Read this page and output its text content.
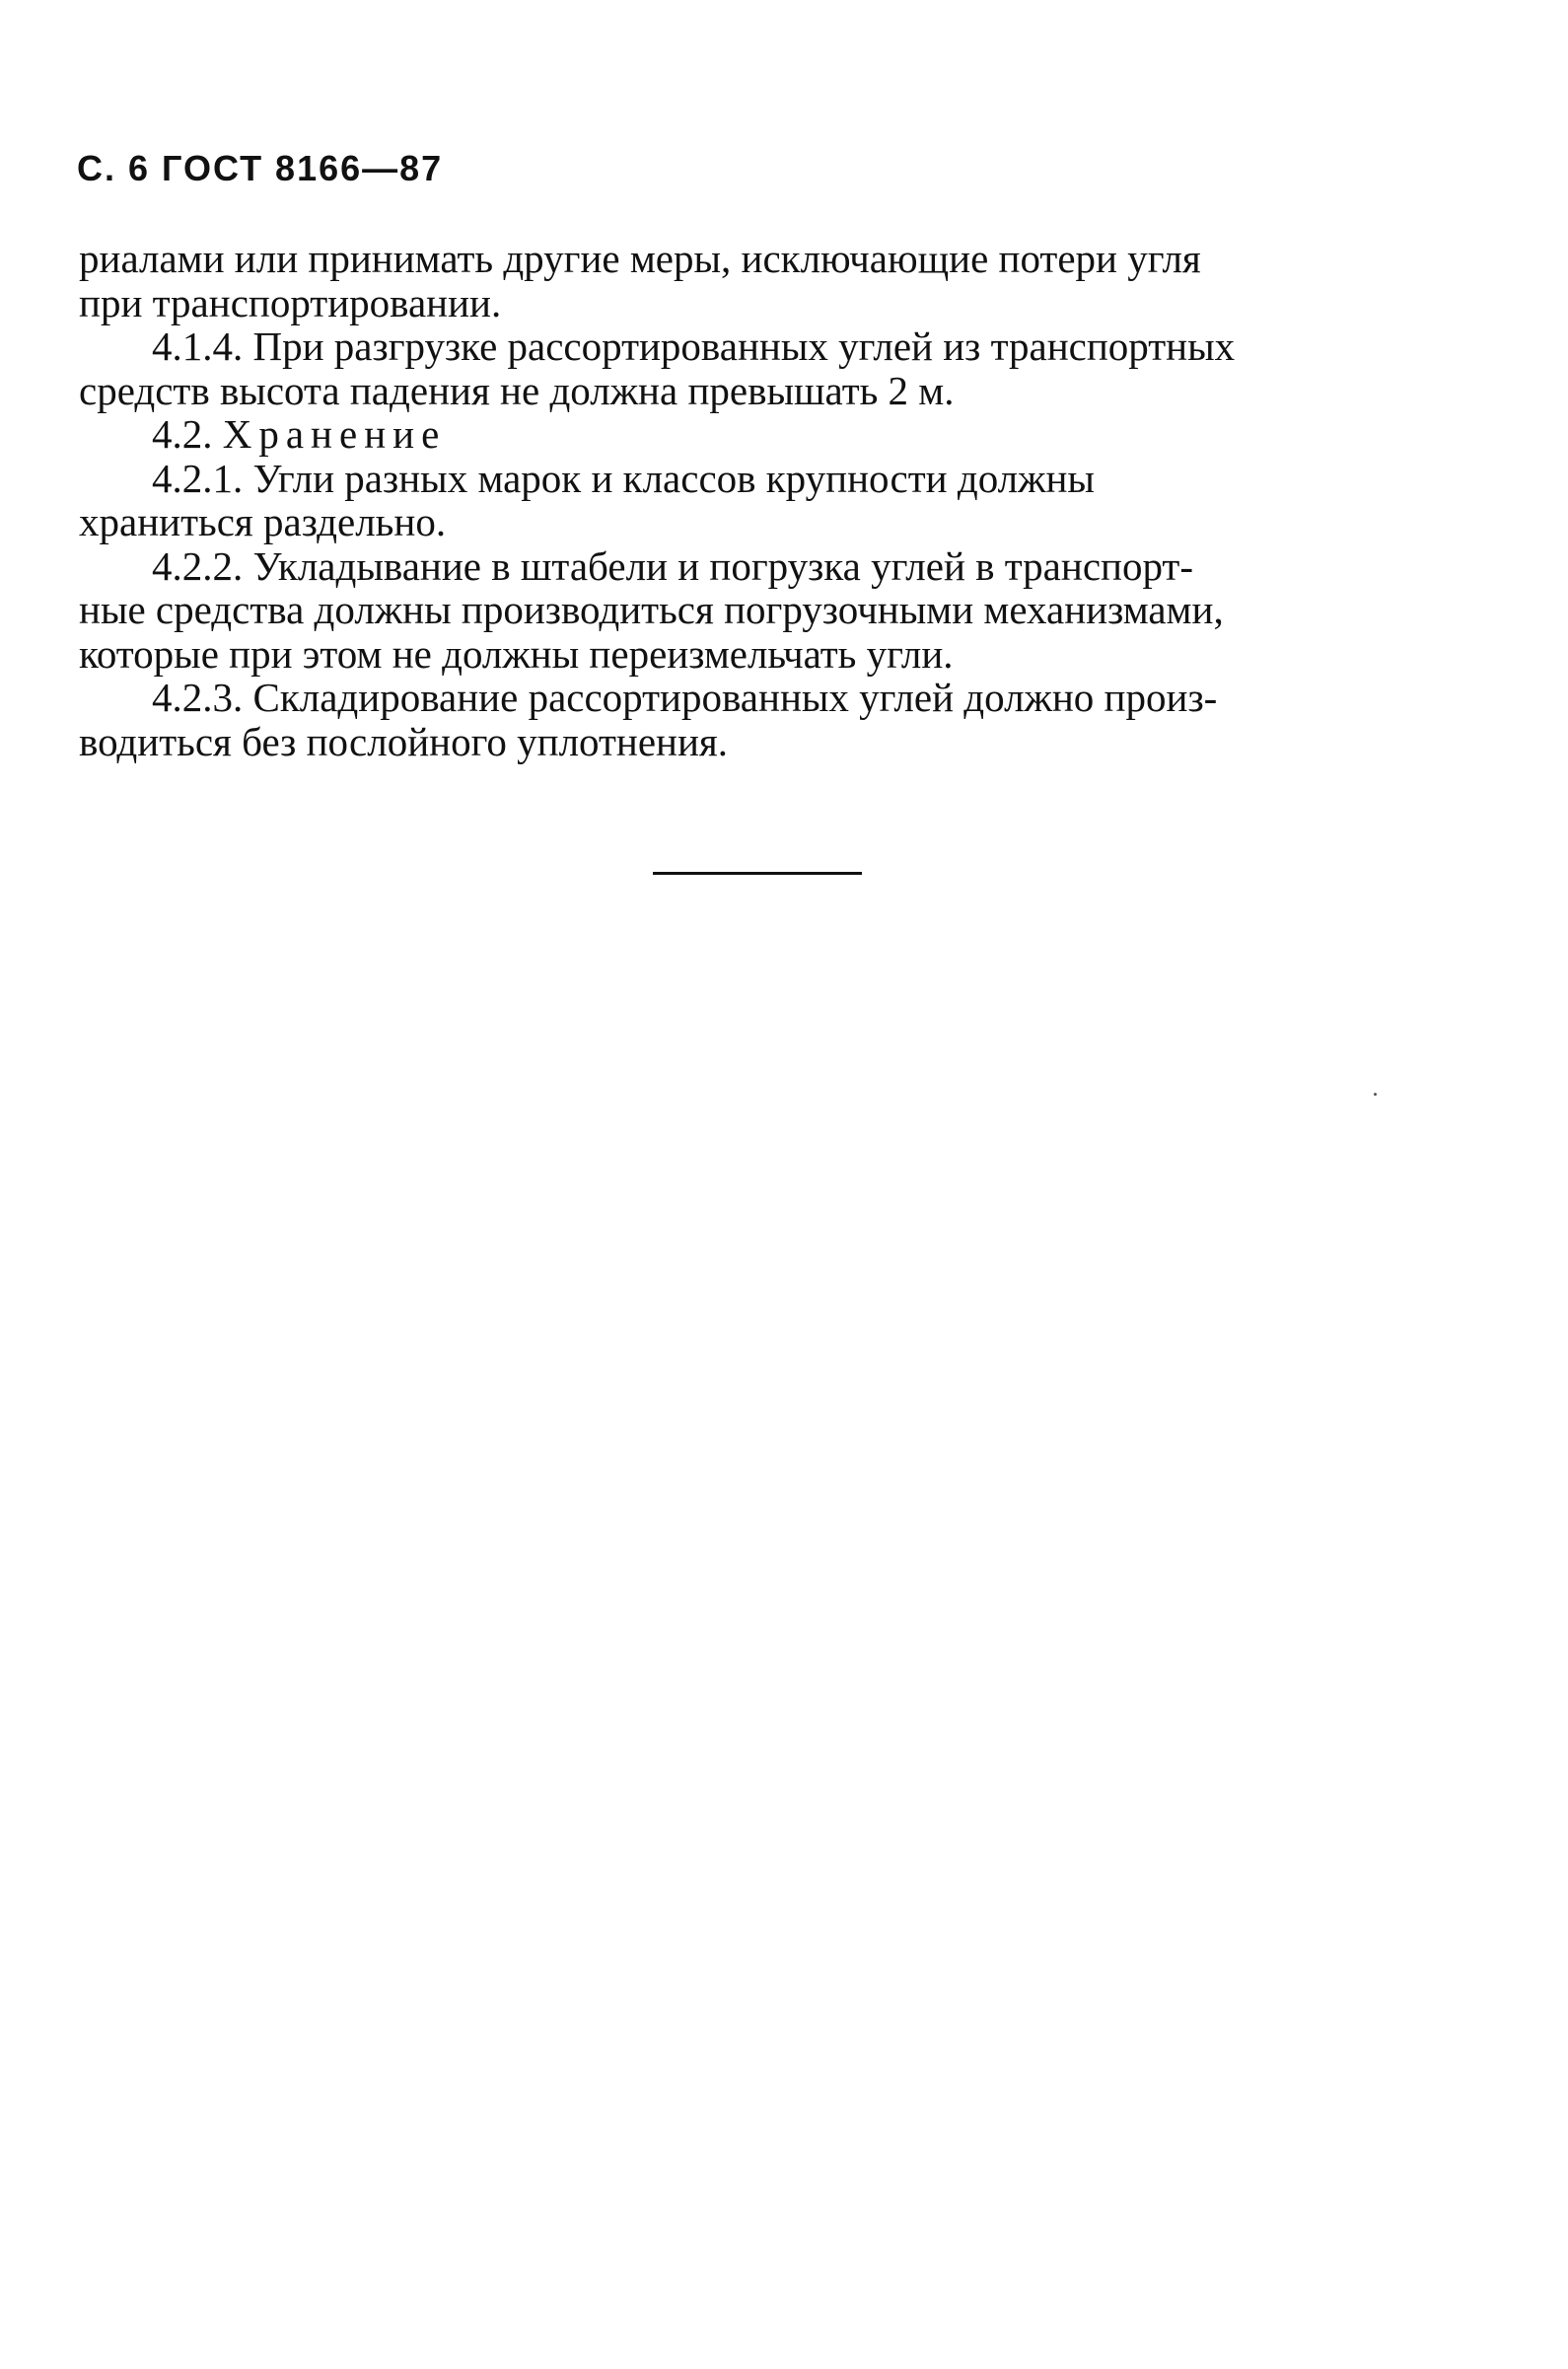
С. 6 ГОСТ 8166—87

риалами или принимать другие меры, исключающие потери угля
при транспортировании.

4.1.4. При разгрузке рассортированных углей из транспортных
средств высота падения не должна превышать 2 м.

4.2. Хранение

4.2.1. Угли разных марок и классов крупности должны
храниться раздельно.

4.2.2. Укладывание в штабели и погрузка углей в транспорт-
ные средства должны производиться погрузочными механизмами,
которые при этом не должны переизмельчать угли.

4.2.3. Складирование рассортированных углей должно произ-
водиться без послойного уплотнения.
